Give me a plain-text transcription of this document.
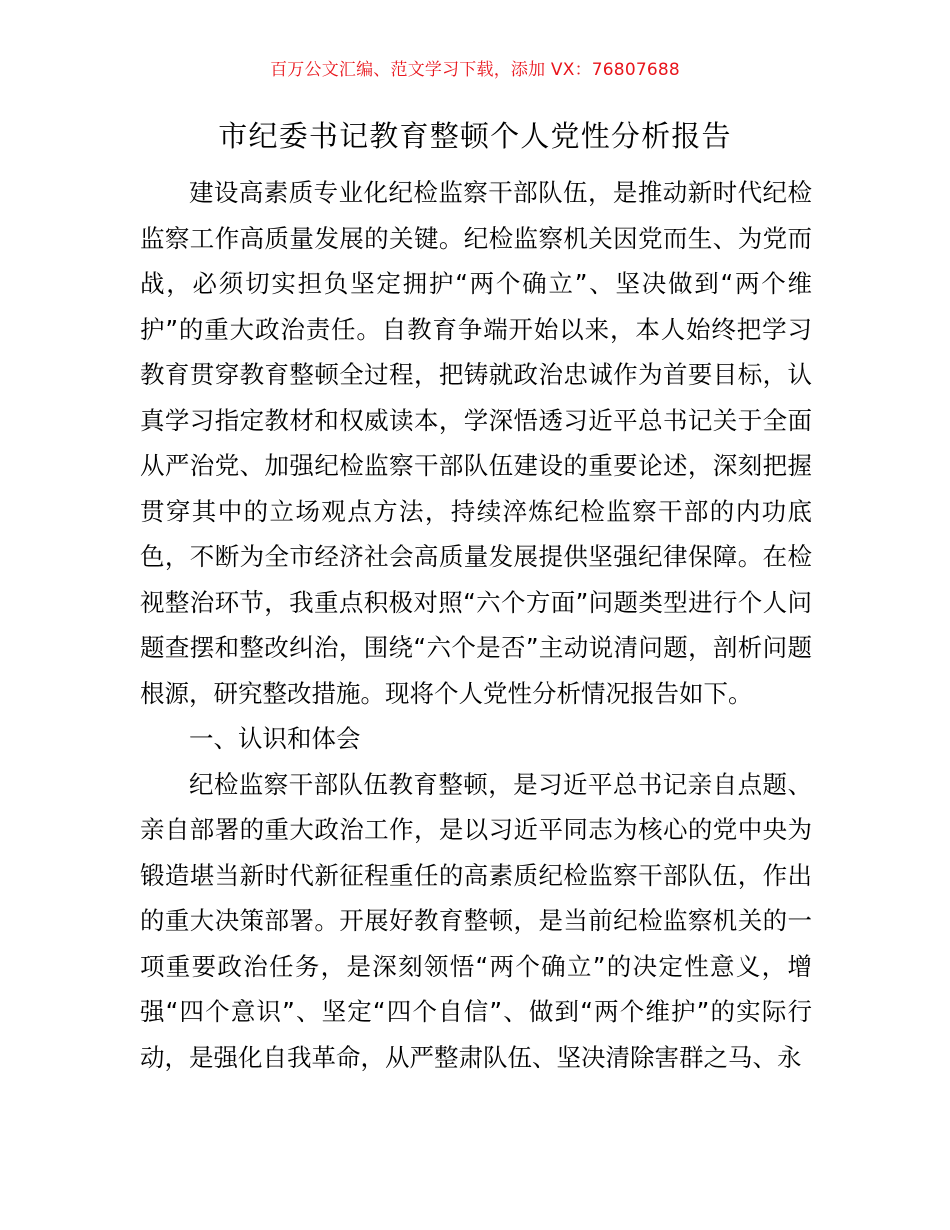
百万公文汇编、范文学习下载，添加 VX：76807688
市纪委书记教育整顿个人党性分析报告

建设高素质专业化纪检监察干部队伍，是推动新时代纪检监察工作高质量发展的关键。纪检监察机关因党而生、为党而战，必须切实担负坚定拥护“两个确立”、坚决做到“两个维护”的重大政治责任。自教育争端开始以来，本人始终把学习教育贯穿教育整顿全过程，把铸就政治忠诚作为首要目标，认真学习指定教材和权威读本，学深悟透习近平总书记关于全面从严治党、加强纪检监察干部队伍建设的重要论述，深刻把握贯穿其中的立场观点方法，持续淬炼纪检监察干部的内功底色，不断为全市经济社会高质量发展提供坚强纪律保障。在检视整治环节，我重点积极对照“六个方面”问题类型进行个人问题查摆和整改纠治，围绕“六个是否”主动说清问题，剖析问题根源，研究整改措施。现将个人党性分析情况报告如下。

一、认识和体会

纪检监察干部队伍教育整顿，是习近平总书记亲自点题、亲自部署的重大政治工作，是以习近平同志为核心的党中央为锻造堪当新时代新征程重任的高素质纪检监察干部队伍，作出的重大决策部署。开展好教育整顿，是当前纪检监察机关的一项重要政治任务，是深刻领悟“两个确立”的决定性意义，增强“四个意识”、坚定“四个自信”、做到“两个维护”的实际行动，是强化自我革命，从严整肃队伍、坚决清除害群之马、永
